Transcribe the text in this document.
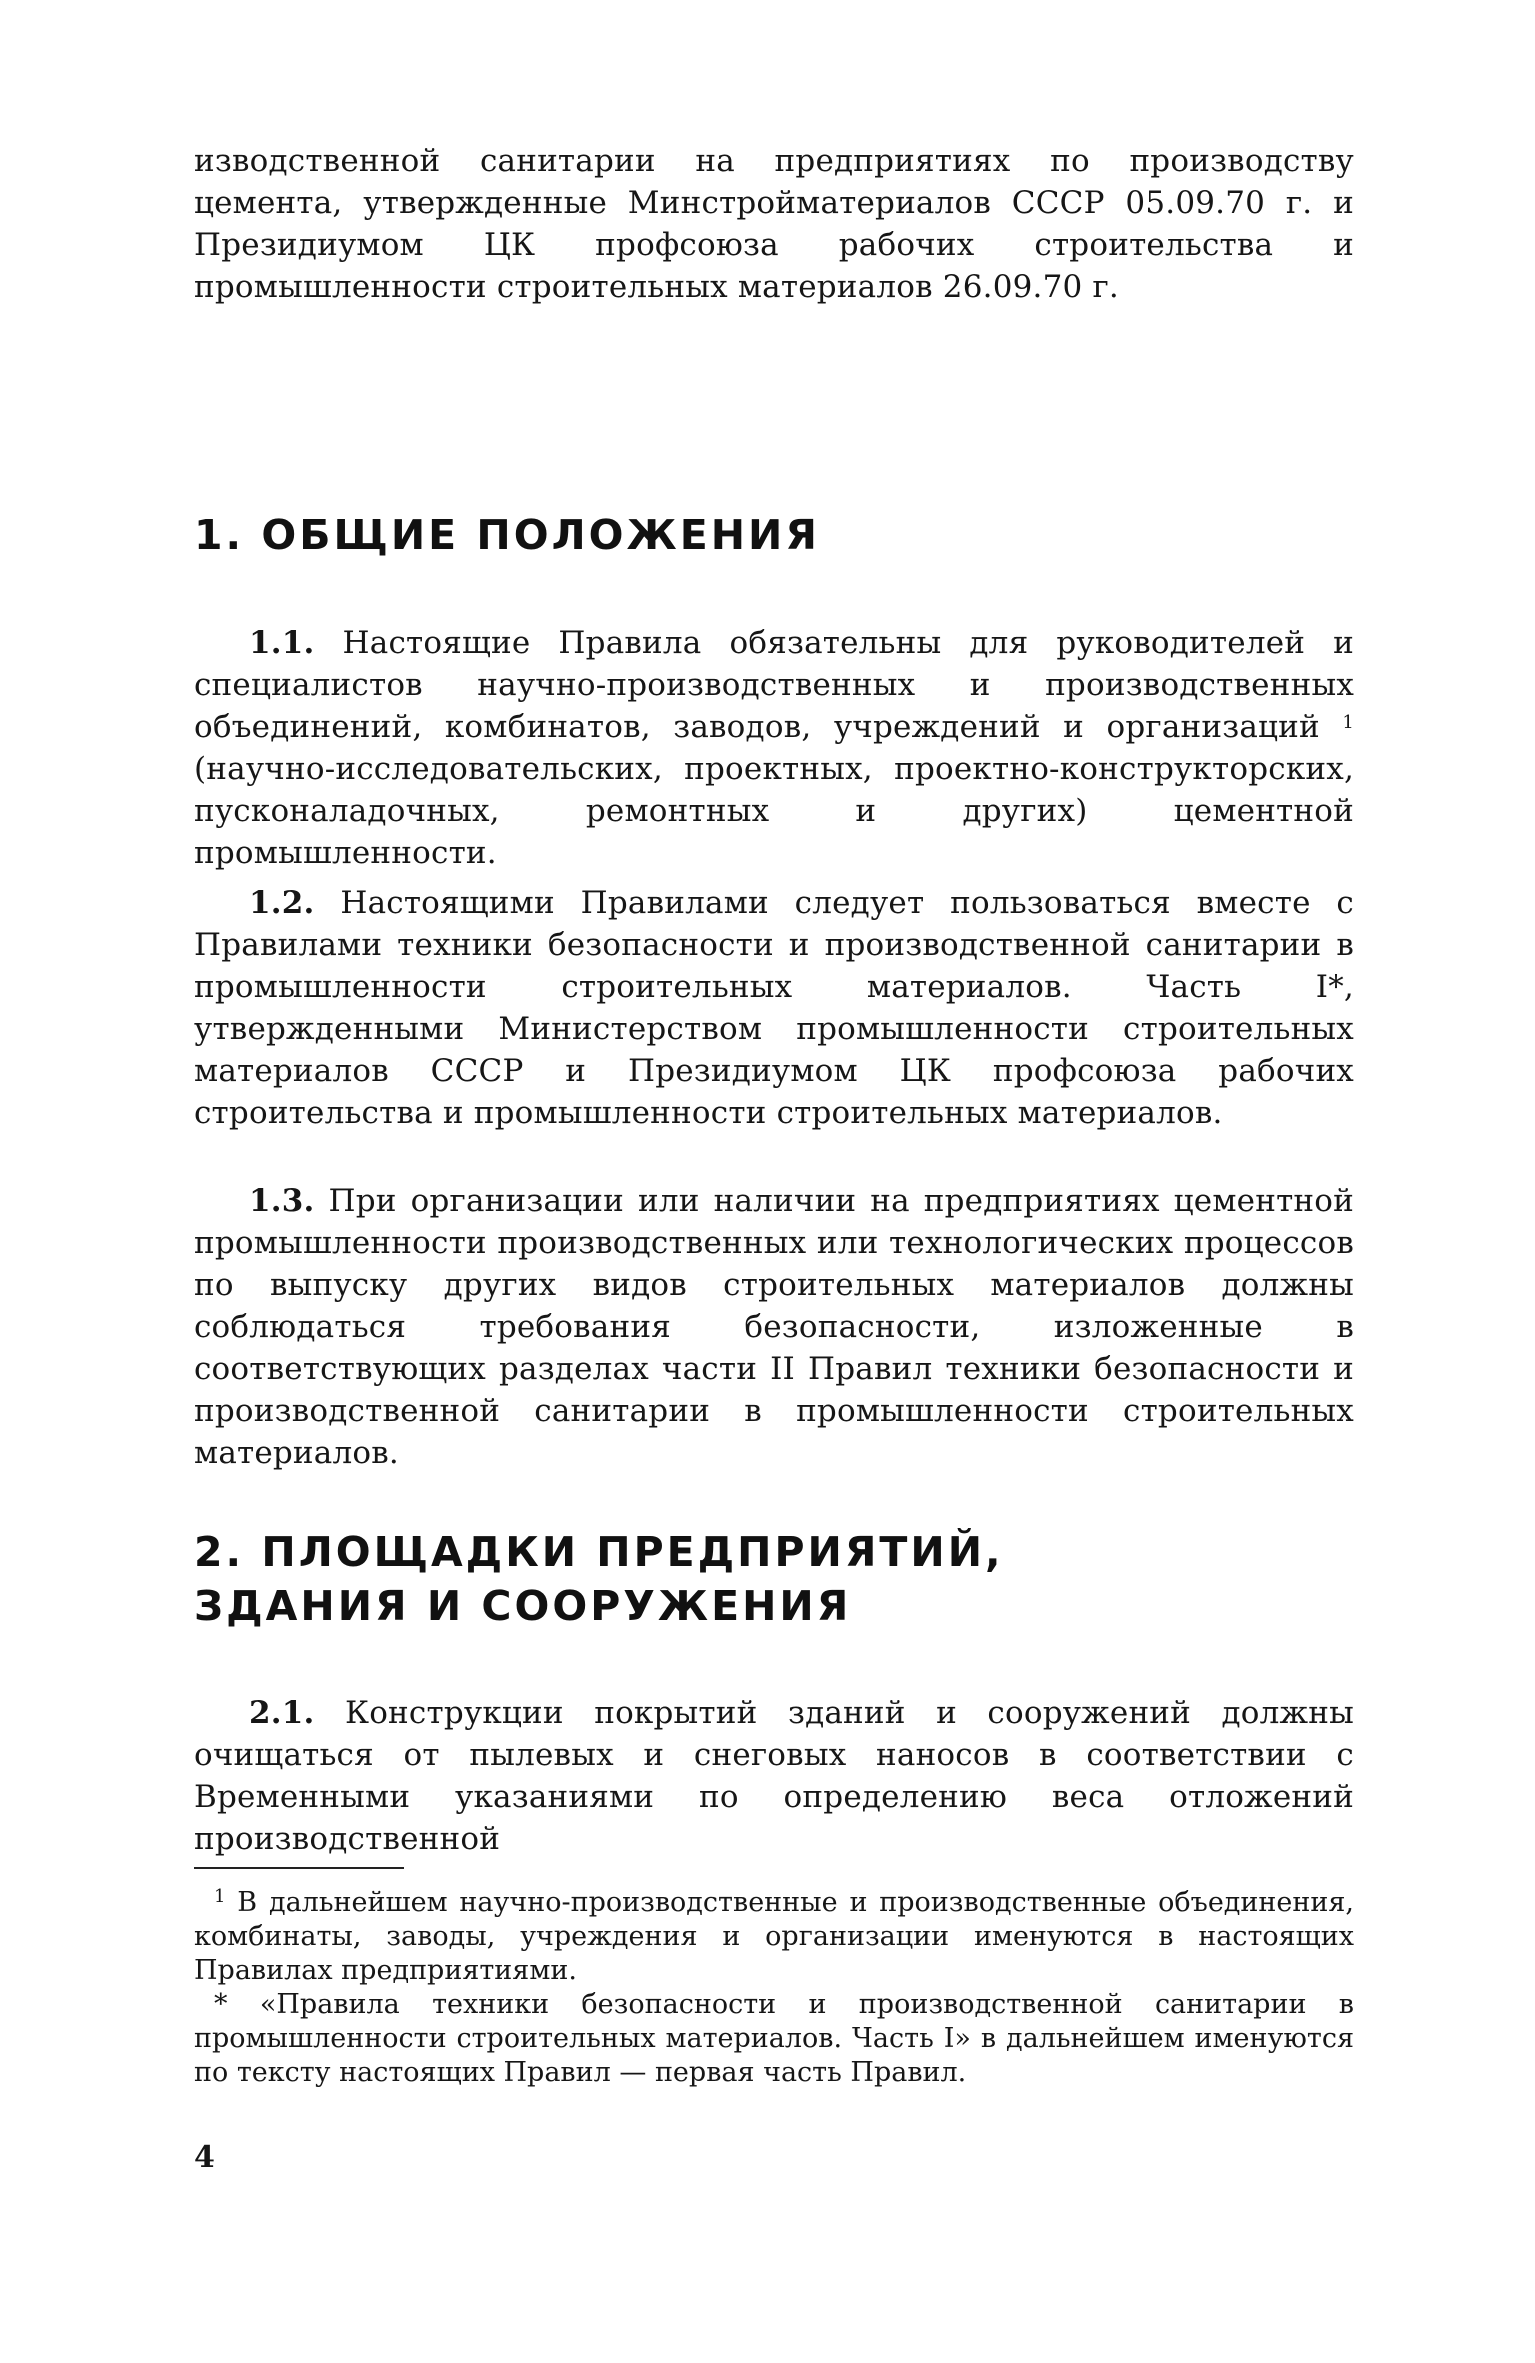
изводственной санитарии на предприятиях по производству цемента, утвержденные Минстройматериалов СССР 05.09.70 г. и Президиумом ЦК профсоюза рабочих строительства и промышленности строительных материалов 26.09.70 г.

1. ОБЩИЕ ПОЛОЖЕНИЯ

1.1. Настоящие Правила обязательны для руководителей и специалистов научно-производственных и производственных объединений, комбинатов, заводов, учреждений и организаций $^1$ (научно-исследовательских, проектных, проектно-конструкторских, пусконаладочных, ремонтных и других) цементной промышленности.

1.2. Настоящими Правилами следует пользоваться вместе с Правилами техники безопасности и производственной санитарии в промышленности строительных материалов. Часть I*, утвержденными Министерством промышленности строительных материалов СССР и Президиумом ЦК профсоюза рабочих строительства и промышленности строительных материалов.

1.3. При организации или наличии на предприятиях цементной промышленности производственных или технологических процессов по выпуску других видов строительных материалов должны соблюдаться требования безопасности, изложенные в соответствующих разделах части II Правил техники безопасности и производственной санитарии в промышленности строительных материалов.

2. ПЛОЩАДКИ ПРЕДПРИЯТИЙ,
ЗДАНИЯ И СООРУЖЕНИЯ

2.1. Конструкции покрытий зданий и сооружений должны очищаться от пылевых и снеговых наносов в соответствии с Временными указаниями по определению веса отложений производственной

$^1$ В дальнейшем научно-производственные и производственные объединения, комбинаты, заводы, учреждения и организации именуются в настоящих Правилах предприятиями.

* «Правила техники безопасности и производственной санитарии в промышленности строительных материалов. Часть I» в дальнейшем именуются по тексту настоящих Правил — первая часть Правил.

4
